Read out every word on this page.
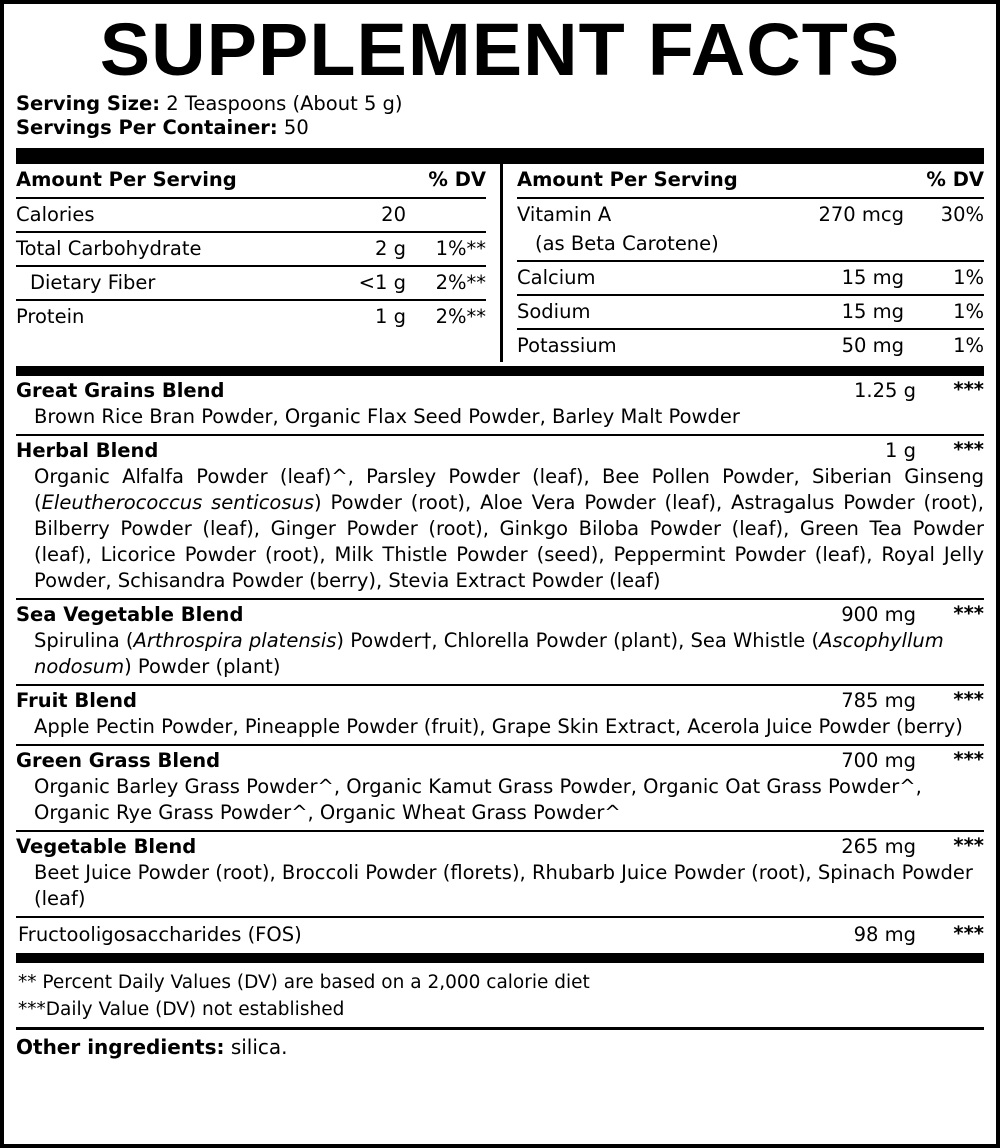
SUPPLEMENT FACTS
Serving Size: 2 Teaspoons (About 5 g)
Servings Per Container: 50
Amount Per Serving	% DV
Calories	20
Total Carbohydrate	2 g	1%**
Dietary Fiber	<1 g	2%**
Protein	1 g	2%**
Amount Per Serving	% DV
Vitamin A	270 mcg	30%
(as Beta Carotene)
Calcium	15 mg	1%
Sodium	15 mg	1%
Potassium	50 mg	1%
Great Grains Blend	1.25 g	***
Brown Rice Bran Powder, Organic Flax Seed Powder, Barley Malt Powder
Herbal Blend	1 g	***
Organic Alfalfa Powder (leaf)^, Parsley Powder (leaf), Bee Pollen Powder, Siberian Ginseng (Eleutherococcus senticosus) Powder (root), Aloe Vera Powder (leaf), Astragalus Powder (root), Bilberry Powder (leaf), Ginger Powder (root), Ginkgo Biloba Powder (leaf), Green Tea Powder (leaf), Licorice Powder (root), Milk Thistle Powder (seed), Peppermint Powder (leaf), Royal Jelly Powder, Schisandra Powder (berry), Stevia Extract Powder (leaf)
Sea Vegetable Blend	900 mg	***
Spirulina (Arthrospira platensis) Powder†, Chlorella Powder (plant), Sea Whistle (Ascophyllum nodosum) Powder (plant)
Fruit Blend	785 mg	***
Apple Pectin Powder, Pineapple Powder (fruit), Grape Skin Extract, Acerola Juice Powder (berry)
Green Grass Blend	700 mg	***
Organic Barley Grass Powder^, Organic Kamut Grass Powder, Organic Oat Grass Powder^, Organic Rye Grass Powder^, Organic Wheat Grass Powder^
Vegetable Blend	265 mg	***
Beet Juice Powder (root), Broccoli Powder (florets), Rhubarb Juice Powder (root), Spinach Powder (leaf)
Fructooligosaccharides (FOS)	98 mg	***
** Percent Daily Values (DV) are based on a 2,000 calorie diet
***Daily Value (DV) not established
Other ingredients: silica.
